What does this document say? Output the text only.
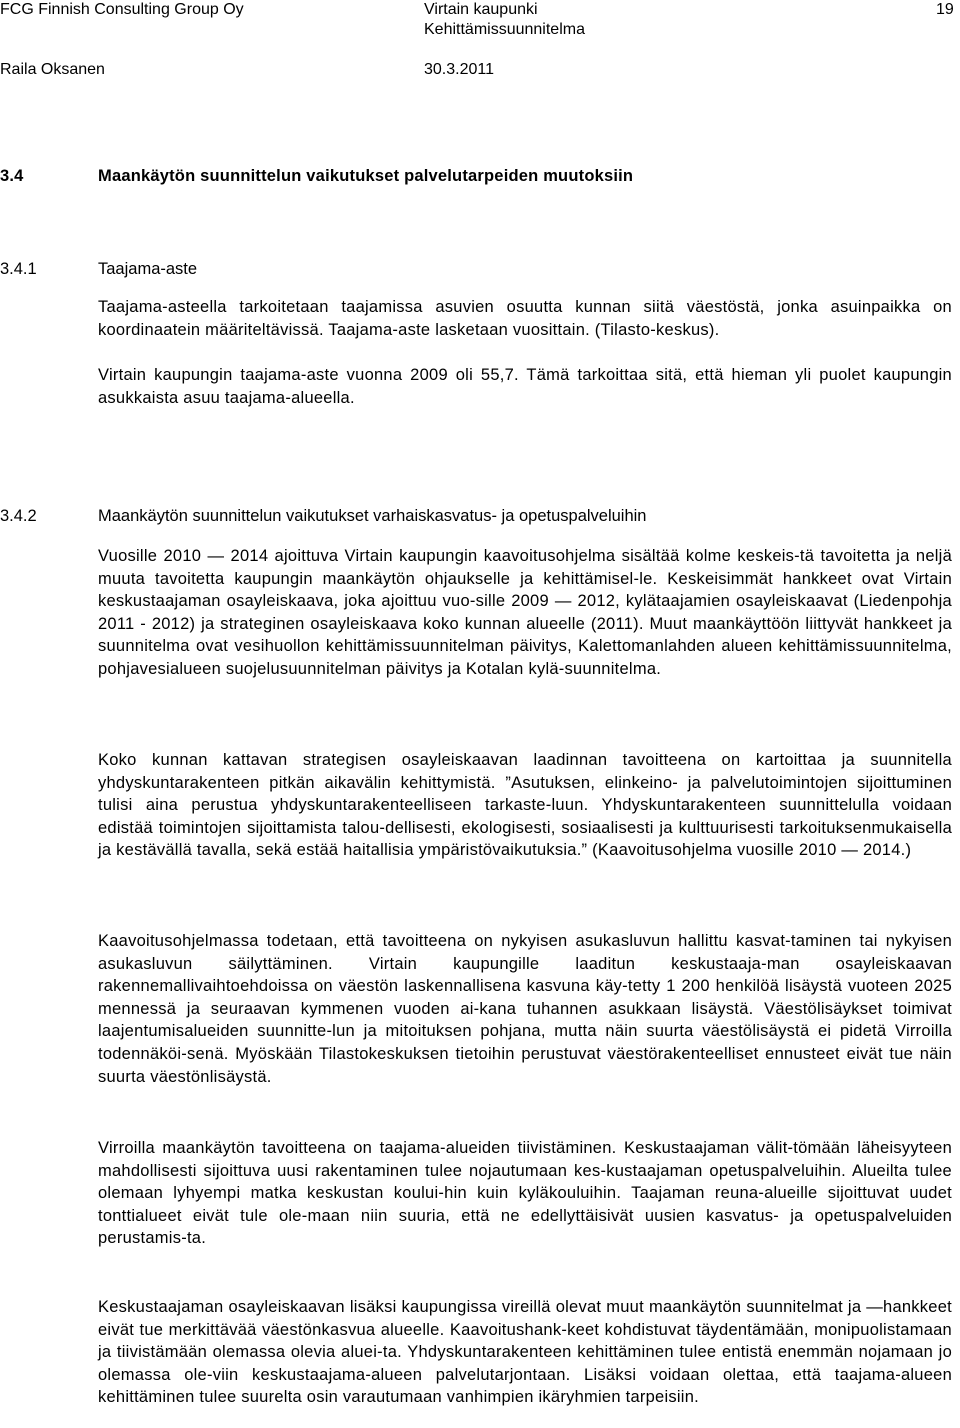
FCG Finnish Consulting Group Oy	Virtain kaupunki	19
Kehittämissuunnitelma
Raila Oksanen	30.3.2011
3.4	Maankäytön suunnittelun vaikutukset palvelutarpeiden muutoksiin
3.4.1	Taajama-aste

Taajama-asteella tarkoitetaan taajamissa asuvien osuutta kunnan siitä väestöstä, jonka asuinpaikka on koordinaatein määriteltävissä. Taajama-aste lasketaan vuosittain. (Tilasto-keskus).

Virtain kaupungin taajama-aste vuonna 2009 oli 55,7. Tämä tarkoittaa sitä, että hieman yli puolet kaupungin asukkaista asuu taajama-alueella.

3.4.2	Maankäytön suunnittelun vaikutukset varhaiskasvatus- ja opetuspalveluihin

Vuosille 2010 — 2014 ajoittuva Virtain kaupungin kaavoitusohjelma sisältää kolme keskeis-tä tavoitetta ja neljä muuta tavoitetta kaupungin maankäytön ohjaukselle ja kehittämisel-le. Keskeisimmät hankkeet ovat Virtain keskustaajaman osayleiskaava, joka ajoittuu vuo-sille 2009 — 2012, kylätaajamien osayleiskaavat (Liedenpohja 2011 - 2012) ja strateginen osayleiskaava koko kunnan alueelle (2011). Muut maankäyttöön liittyvät hankkeet ja suunnitelma ovat vesihuollon kehittämissuunnitelman päivitys, Kalettomanlahden alueen kehittämissuunnitelma, pohjavesialueen suojelusuunnitelman päivitys ja Kotalan kylä-suunnitelma.

Koko kunnan kattavan strategisen osayleiskaavan laadinnan tavoitteena on kartoittaa ja suunnitella yhdyskuntarakenteen pitkän aikavälin kehittymistä. ”Asutuksen, elinkeino- ja palvelutoimintojen sijoittuminen tulisi aina perustua yhdyskuntarakenteelliseen tarkaste-luun. Yhdyskuntarakenteen suunnittelulla voidaan edistää toimintojen sijoittamista talou-dellisesti, ekologisesti, sosiaalisesti ja kulttuurisesti tarkoituksenmukaisella ja kestävällä tavalla, sekä estää haitallisia ympäristövaikutuksia.” (Kaavoitusohjelma vuosille 2010 — 2014.)

Kaavoitusohjelmassa todetaan, että tavoitteena on nykyisen asukasluvun hallittu kasvat-taminen tai nykyisen asukasluvun säilyttäminen. Virtain kaupungille laaditun keskustaaja-man osayleiskaavan rakennemallivaihtoehdoissa on väestön laskennallisena kasvuna käy-tetty 1 200 henkilöä lisäystä vuoteen 2025 mennessä ja seuraavan kymmenen vuoden ai-kana tuhannen asukkaan lisäystä. Väestölisäykset toimivat laajentumisalueiden suunnitte-lun ja mitoituksen pohjana, mutta näin suurta väestölisäystä ei pidetä Virroilla todennäköi-senä. Myöskään Tilastokeskuksen tietoihin perustuvat väestörakenteelliset ennusteet eivät tue näin suurta väestönlisäystä.

Virroilla maankäytön tavoitteena on taajama-alueiden tiivistäminen. Keskustaajaman välit-tömään läheisyyteen mahdollisesti sijoittuva uusi rakentaminen tulee nojautumaan kes-kustaajaman opetuspalveluihin. Alueilta tulee olemaan lyhyempi matka keskustan koului-hin kuin kyläkouluihin. Taajaman reuna-alueille sijoittuvat uudet tonttialueet eivät tule ole-maan niin suuria, että ne edellyttäisivät uusien kasvatus- ja opetuspalveluiden perustamis-ta.

Keskustaajaman osayleiskaavan lisäksi kaupungissa vireillä olevat muut maankäytön suunnitelmat ja —hankkeet eivät tue merkittävää väestönkasvua alueelle. Kaavoitushank-keet kohdistuvat täydentämään, monipuolistamaan ja tiivistämään olemassa olevia aluei-ta. Yhdyskuntarakenteen kehittäminen tulee entistä enemmän nojamaan jo olemassa ole-viin keskustaajama-alueen palvelutarjontaan. Lisäksi voidaan olettaa, että taajama-alueen kehittäminen tulee suurelta osin varautumaan vanhimpien ikäryhmien tarpeisiin.
